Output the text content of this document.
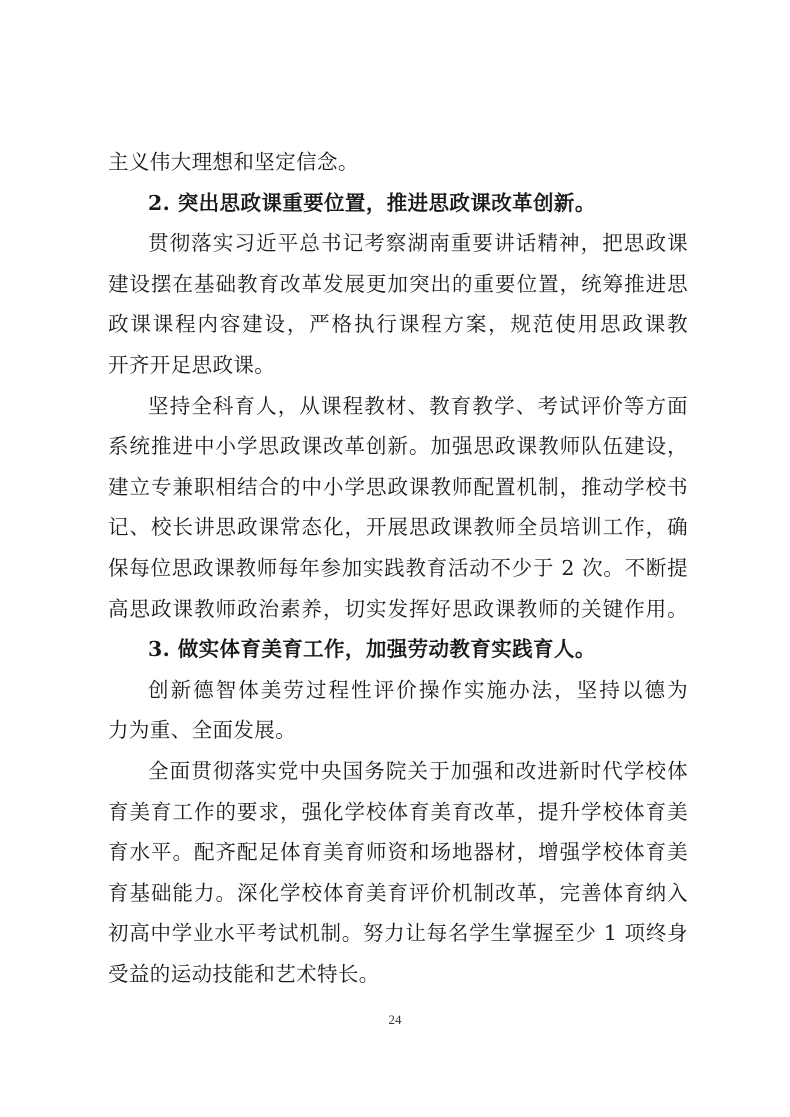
主义伟大理想和坚定信念。
2. 突出思政课重要位置，推进思政课改革创新。
贯彻落实习近平总书记考察湖南重要讲话精神，把思政课
建设摆在基础教育改革发展更加突出的重要位置，统筹推进思
政课课程内容建设，严格执行课程方案，规范使用思政课教
开齐开足思政课。
坚持全科育人，从课程教材、教育教学、考试评价等方面
系统推进中小学思政课改革创新。加强思政课教师队伍建设，
建立专兼职相结合的中小学思政课教师配置机制，推动学校书
记、校长讲思政课常态化，开展思政课教师全员培训工作，确
保每位思政课教师每年参加实践教育活动不少于 2 次。不断提
高思政课教师政治素养，切实发挥好思政课教师的关键作用。
3. 做实体育美育工作，加强劳动教育实践育人。
创新德智体美劳过程性评价操作实施办法，坚持以德为
力为重、全面发展。
全面贯彻落实党中央国务院关于加强和改进新时代学校体
育美育工作的要求，强化学校体育美育改革，提升学校体育美
育水平。配齐配足体育美育师资和场地器材，增强学校体育美
育基础能力。深化学校体育美育评价机制改革，完善体育纳入
初高中学业水平考试机制。努力让每名学生掌握至少 1 项终身
受益的运动技能和艺术特长。
24
